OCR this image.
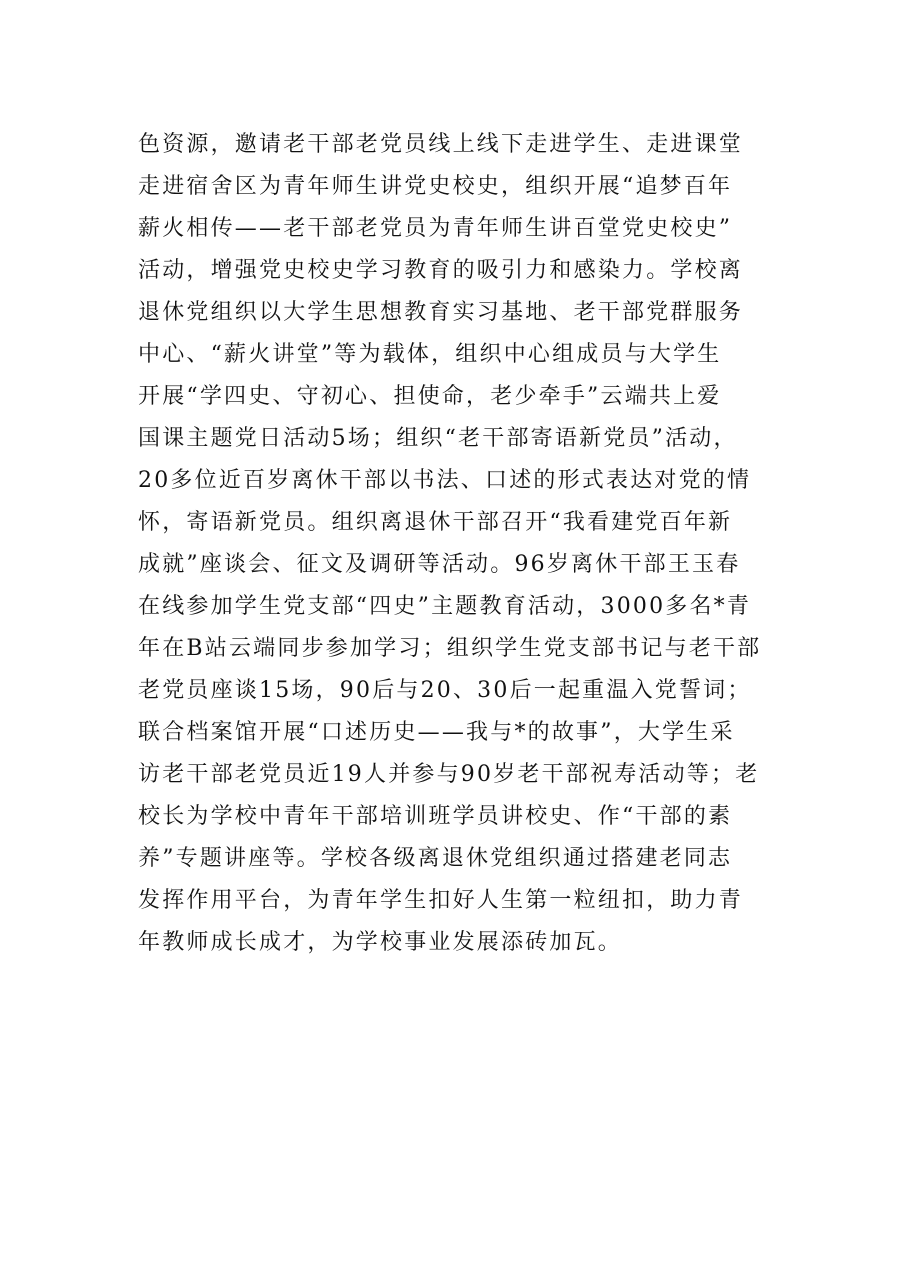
色资源，邀请老干部老党员线上线下走进学生、走进课堂
走进宿舍区为青年师生讲党史校史，组织开展“追梦百年
薪火相传——老干部老党员为青年师生讲百堂党史校史”
活动，增强党史校史学习教育的吸引力和感染力。学校离
退休党组织以大学生思想教育实习基地、老干部党群服务
中心、“薪火讲堂”等为载体，组织中心组成员与大学生
开展“学四史、守初心、担使命，老少牵手”云端共上爱
国课主题党日活动5场；组织“老干部寄语新党员”活动，
20多位近百岁离休干部以书法、口述的形式表达对党的情
怀，寄语新党员。组织离退休干部召开“我看建党百年新
成就”座谈会、征文及调研等活动。96岁离休干部王玉春
在线参加学生党支部“四史”主题教育活动，3000多名*青
年在B站云端同步参加学习；组织学生党支部书记与老干部
老党员座谈15场，90后与20、30后一起重温入党誓词；
联合档案馆开展“口述历史——我与*的故事”，大学生采
访老干部老党员近19人并参与90岁老干部祝寿活动等；老
校长为学校中青年干部培训班学员讲校史、作“干部的素
养”专题讲座等。学校各级离退休党组织通过搭建老同志
发挥作用平台，为青年学生扣好人生第一粒纽扣，助力青
年教师成长成才，为学校事业发展添砖加瓦。
